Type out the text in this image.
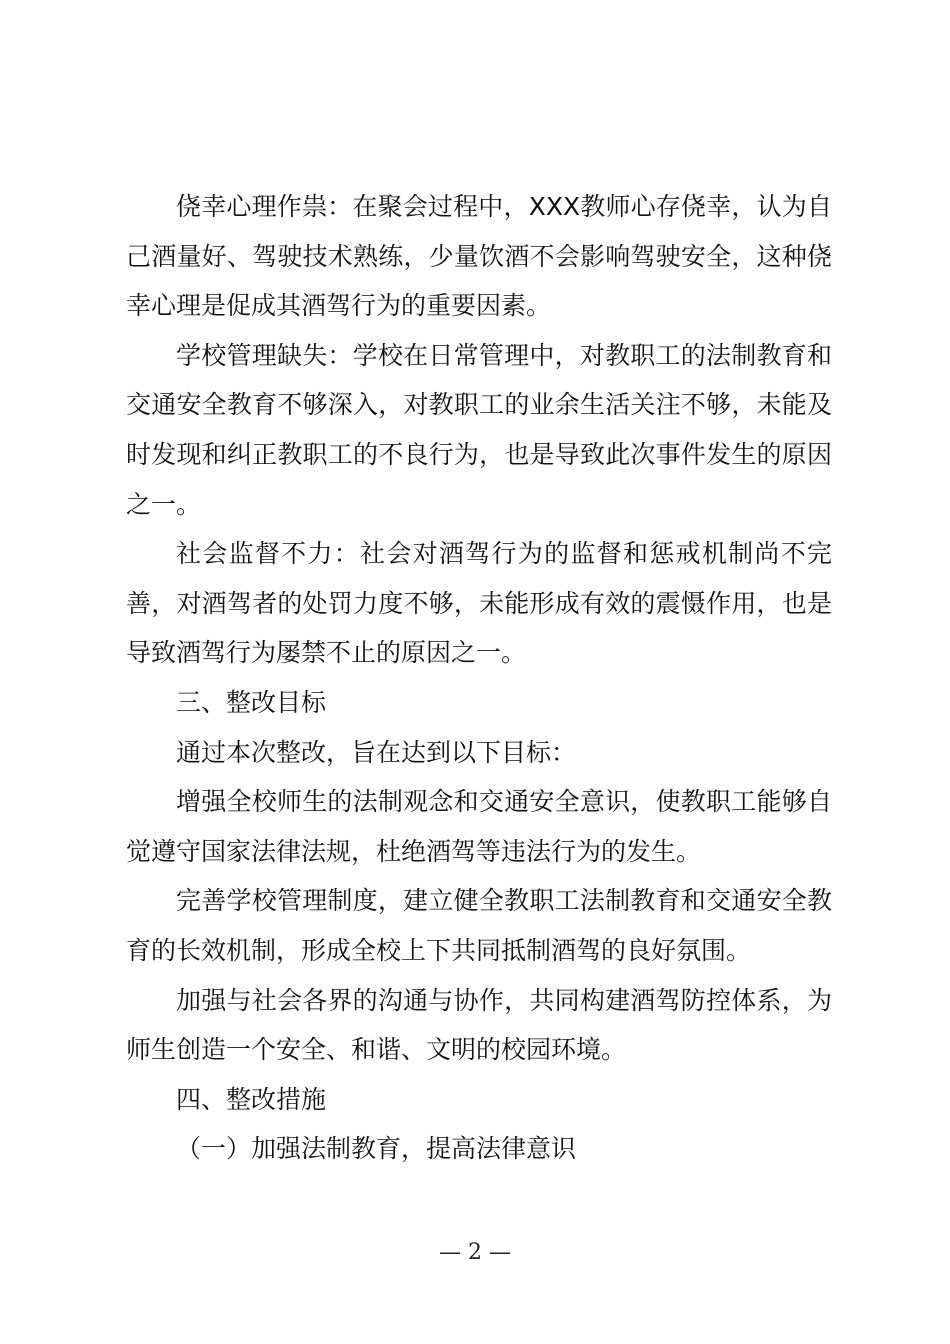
侥幸心理作祟：在聚会过程中，XXX教师心存侥幸，认为自己酒量好、驾驶技术熟练，少量饮酒不会影响驾驶安全，这种侥幸心理是促成其酒驾行为的重要因素。

学校管理缺失：学校在日常管理中，对教职工的法制教育和交通安全教育不够深入，对教职工的业余生活关注不够，未能及时发现和纠正教职工的不良行为，也是导致此次事件发生的原因之一。

社会监督不力：社会对酒驾行为的监督和惩戒机制尚不完善，对酒驾者的处罚力度不够，未能形成有效的震慑作用，也是导致酒驾行为屡禁不止的原因之一。

三、整改目标

通过本次整改，旨在达到以下目标：

增强全校师生的法制观念和交通安全意识，使教职工能够自觉遵守国家法律法规，杜绝酒驾等违法行为的发生。

完善学校管理制度，建立健全教职工法制教育和交通安全教育的长效机制，形成全校上下共同抵制酒驾的良好氛围。

加强与社会各界的沟通与协作，共同构建酒驾防控体系，为师生创造一个安全、和谐、文明的校园环境。

四、整改措施

（一）加强法制教育，提高法律意识

— 2 —
